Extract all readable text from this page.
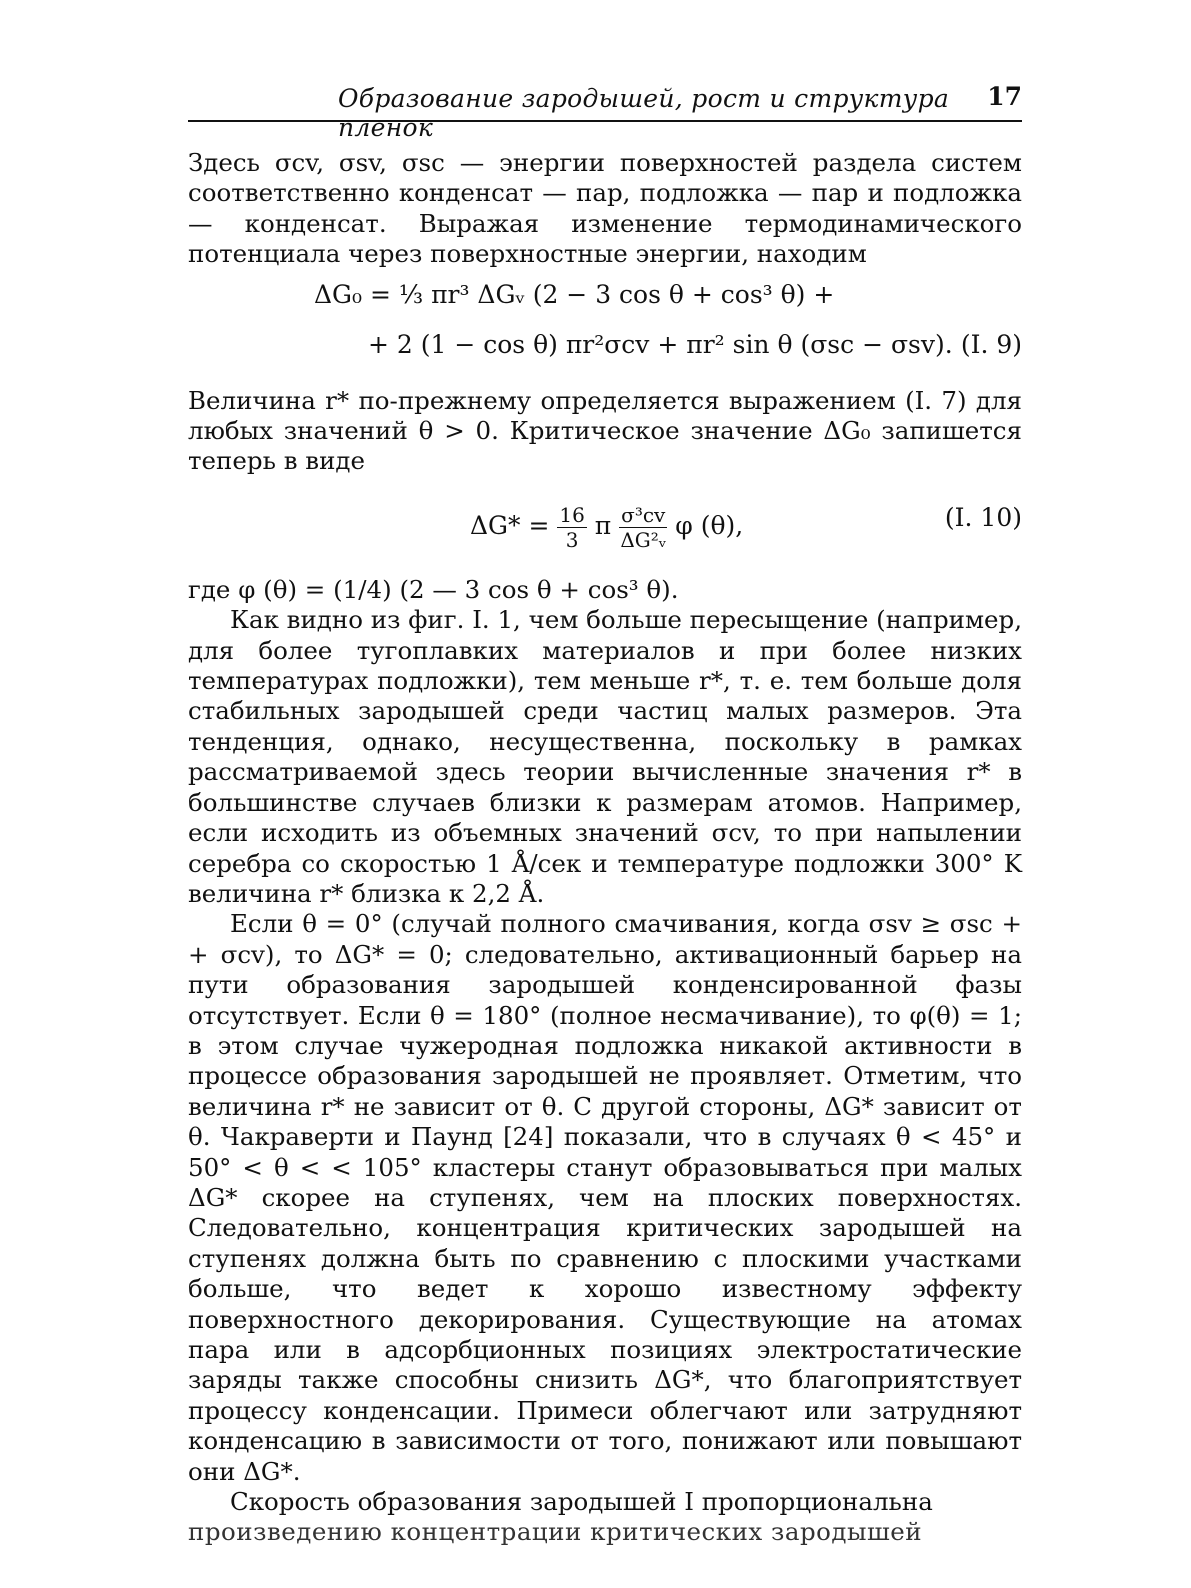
Образование зародышей, рост и структура пленок
17

Здесь σcv, σsv, σsc — энергии поверхностей раздела систем соответственно конденсат — пар, подложка — пар и подложка — конденсат. Выражая изменение термодинамического потенциала через поверхностные энергии, находим

ΔG₀ = ⅓ πr³ ΔGᵥ (2 − 3 cos θ + cos³ θ) +
+ 2 (1 − cos θ) πr²σcv + πr² sin θ (σsc − σsv). (I. 9)

Величина r* по-прежнему определяется выражением (I. 7) для любых значений θ > 0. Критическое значение ΔG₀ запишется теперь в виде

$\Delta G* = \frac{16}{3}$ π $\frac{\text{σ³cv}}{\text{ΔG²ᵥ}}$ φ (θ),	(I. 10)

где φ (θ) = (1/4) (2 — 3 cos θ + cos³ θ).

Как видно из фиг. I. 1, чем больше пересыщение (например, для более тугоплавких материалов и при более низких температурах подложки), тем меньше r*, т. е. тем больше доля стабильных зародышей среди частиц малых размеров. Эта тенденция, однако, несущественна, поскольку в рамках рассматриваемой здесь теории вычисленные значения r* в большинстве случаев близки к размерам атомов. Например, если исходить из объемных значений σcv, то при напылении серебра со скоростью 1 Å/сек и температуре подложки 300° K величина r* близка к 2,2 Å.

Если θ = 0° (случай полного смачивания, когда σsv ≥ σsc + + σcv), то ΔG* = 0; следовательно, активационный барьер на пути образования зародышей конденсированной фазы отсутствует. Если θ = 180° (полное несмачивание), то φ(θ) = 1; в этом случае чужеродная подложка никакой активности в процессе образования зародышей не проявляет. Отметим, что величина r* не зависит от θ. С другой стороны, ΔG* зависит от θ. Чакраверти и Паунд [24] показали, что в случаях θ < 45° и 50° < θ < < 105° кластеры станут образовываться при малых ΔG* скорее на ступенях, чем на плоских поверхностях. Следовательно, концентрация критических зародышей на ступенях должна быть по сравнению с плоскими участками больше, что ведет к хорошо известному эффекту поверхностного декорирования. Существующие на атомах пара или в адсорбционных позициях электростатические заряды также способны снизить ΔG*, что благоприятствует процессу конденсации. Примеси облегчают или затрудняют конденсацию в зависимости от того, понижают или повышают они ΔG*.

Скорость образования зародышей I пропорциональна

произведению концентрации критических зародышей
